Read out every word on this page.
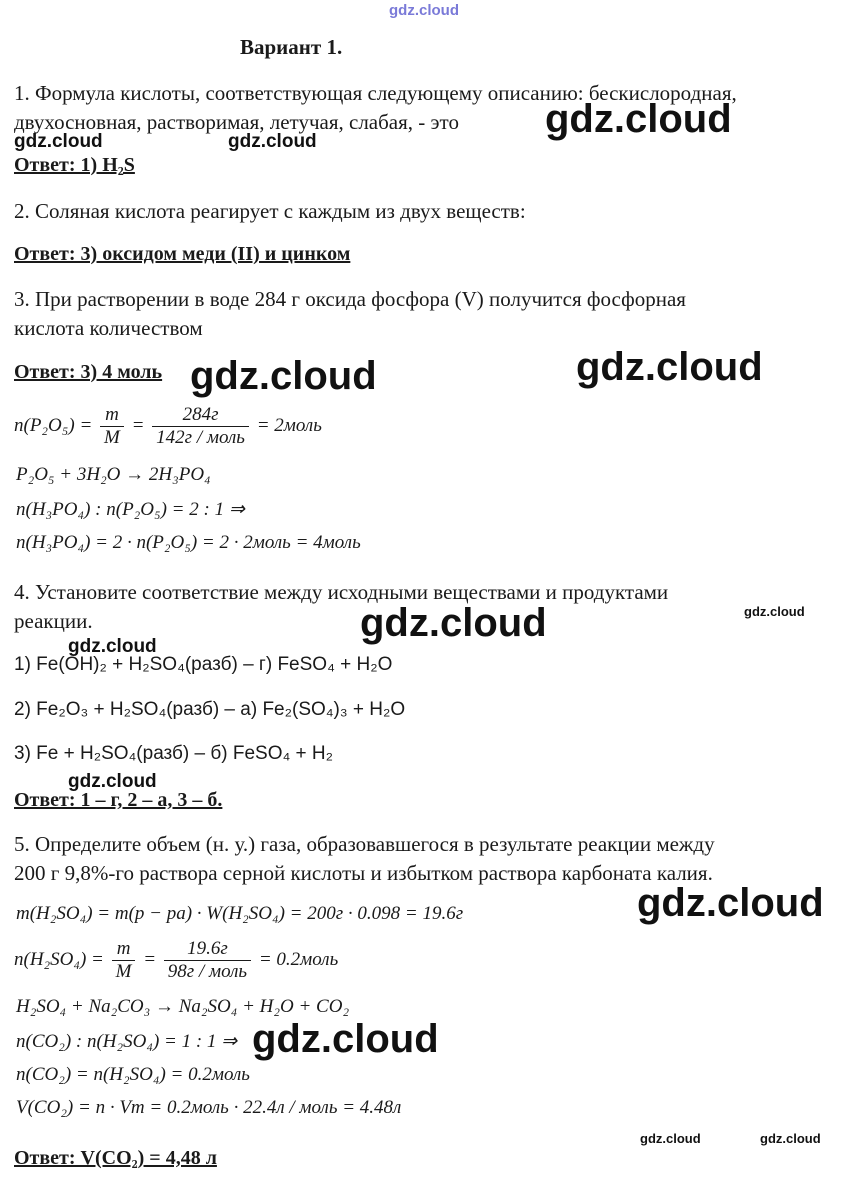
gdz.cloud
Вариант 1.
1. Формула кислоты, соответствующая следующему описанию: бескислородная,
двухосновная, растворимая, летучая, слабая, - это
Ответ: 1) H₂S
2. Соляная кислота реагирует с каждым из двух веществ:
Ответ: 3) оксидом меди (II) и цинком
3. При растворении в воде 284 г оксида фосфора (V) получится фосфорная
кислота количеством
Ответ: 3) 4 моль
$n(P_2O_5) = \frac{m}{M} = \frac{284г}{\text{142г / моль}}$ = 2моль
P₂O₅ + 3H₂O → 2H₃PO₄
n(H₃PO₄) : n(P₂O₅) = 2 : 1 ⇒
n(H₃PO₄) = 2 · n(P₂O₅) = 2 · 2моль = 4моль
4. Установите соответствие между исходными веществами и продуктами
реакции.
1) Fe(OH)₂ + H₂SO₄(разб) – г) FeSO₄ + H₂O
2) Fe₂O₃ + H₂SO₄(разб) – а) Fe₂(SO₄)₃ + H₂O
3) Fe + H₂SO₄(разб) – б) FeSO₄ + H₂
Ответ: 1 – г, 2 – а, 3 – б.
5. Определите объем (н. у.) газа, образовавшегося в результате реакции между
200 г 9,8%-го раствора серной кислоты и избытком раствора карбоната калия.
m(H₂SO₄) = m(p − pa) · W(H₂SO₄) = 200г · 0.098 = 19.6г
$n(H_2SO_4) = \frac{m}{M} = \frac{19.6г}{\text{98г / моль}}$ = 0.2моль
H₂SO₄ + Na₂CO₃ → Na₂SO₄ + H₂O + CO₂
n(CO₂) : n(H₂SO₄) = 1 : 1 ⇒
n(CO₂) = n(H₂SO₄) = 0.2моль
V(CO₂) = n · Vm = 0.2моль · 22.4л / моль = 4.48л
Ответ: V(CO₂) = 4,48 л
gdz.cloud	gdz.cloud
gdz.cloud
gdz.cloud	gdz.cloud
gdz.cloud	gdz.cloud
gdz.cloud
gdz.cloud
gdz.cloud
gdz.cloud
gdz.cloud	gdz.cloud
